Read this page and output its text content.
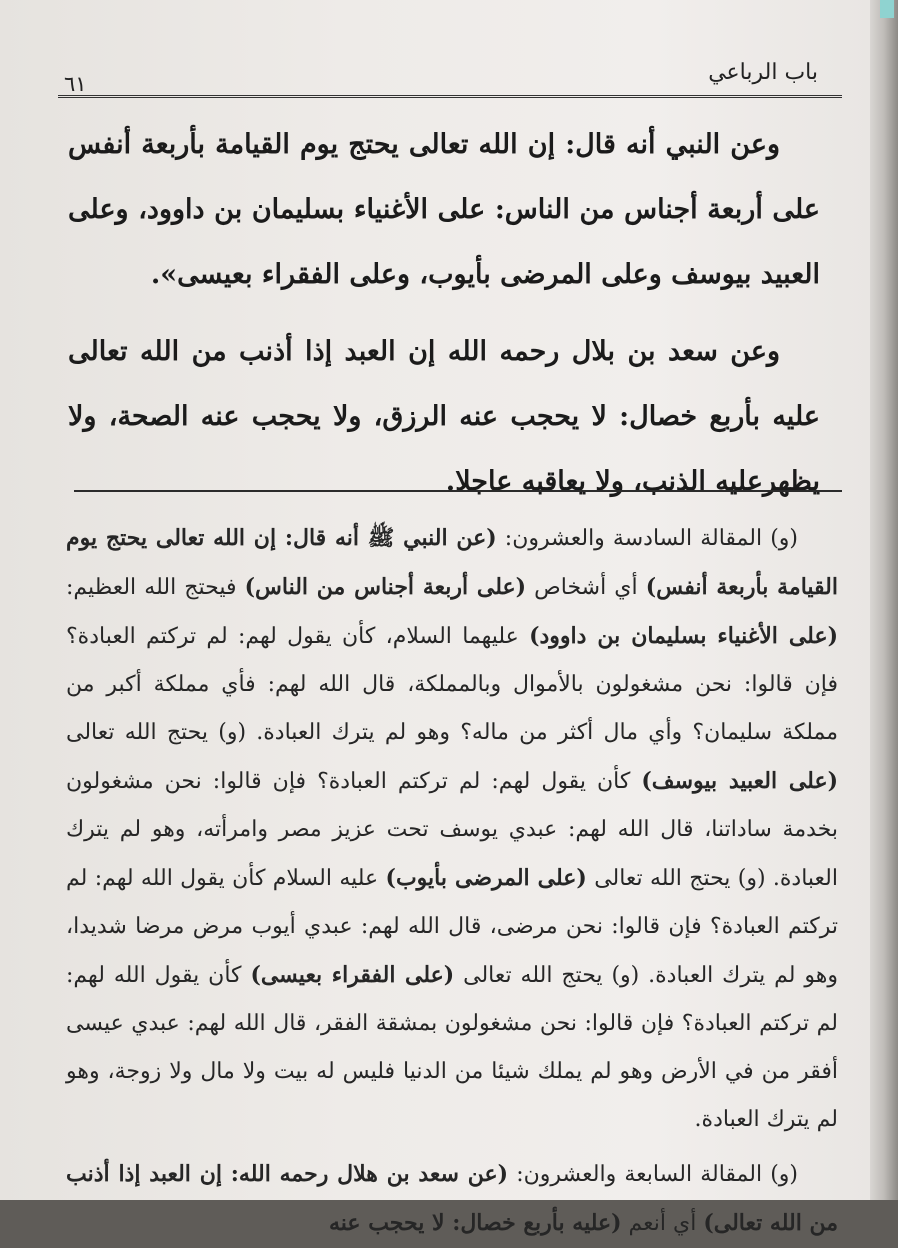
٦١	باب الرباعي

وعن النبي أنه قال: إن الله تعالى يحتج يوم القيامة بأربعة أنفس على أربعة أجناس من الناس: على الأغنياء بسليمان بن داوود، وعلى العبيد بيوسف وعلى المرضى بأيوب، وعلى الفقراء بعيسى».

وعن سعد بن بلال رحمه الله إن العبد إذا أذنب من الله تعالى عليه بأربع خصال: لا يحجب عنه الرزق، ولا يحجب عنه الصحة، ولا يظهرعليه الذنب، ولا يعاقبه عاجلا.

(و) المقالة السادسة والعشرون: (عن النبي ﷺ أنه قال: إن الله تعالى يحتج يوم القيامة بأربعة أنفس) أي أشخاص (على أربعة أجناس من الناس) فيحتج الله العظيم: (على الأغنياء بسليمان بن داوود) عليهما السلام، كأن يقول لهم: لم تركتم العبادة؟ فإن قالوا: نحن مشغولون بالأموال وبالمملكة، قال الله لهم: فأي مملكة أكبر من مملكة سليمان؟ وأي مال أكثر من ماله؟ وهو لم يترك العبادة. (و) يحتج الله تعالى (على العبيد بيوسف) كأن يقول لهم: لم تركتم العبادة؟ فإن قالوا: نحن مشغولون بخدمة ساداتنا، قال الله لهم: عبدي يوسف تحت عزيز مصر وامرأته، وهو لم يترك العبادة. (و) يحتج الله تعالى (على المرضى بأيوب) عليه السلام كأن يقول الله لهم: لم تركتم العبادة؟ فإن قالوا: نحن مرضى، قال الله لهم: عبدي أيوب مرض مرضا شديدا، وهو لم يترك العبادة. (و) يحتج الله تعالى (على الفقراء بعيسى) كأن يقول الله لهم: لم تركتم العبادة؟ فإن قالوا: نحن مشغولون بمشقة الفقر، قال الله لهم: عبدي عيسى أفقر من في الأرض وهو لم يملك شيئا من الدنيا فليس له بيت ولا مال ولا زوجة، وهو لم يترك العبادة.

(و) المقالة السابعة والعشرون: (عن سعد بن هلال رحمه الله: إن العبد إذا أذنب من الله تعالى) أي أنعم (عليه بأربع خصال: لا يحجب عنه
